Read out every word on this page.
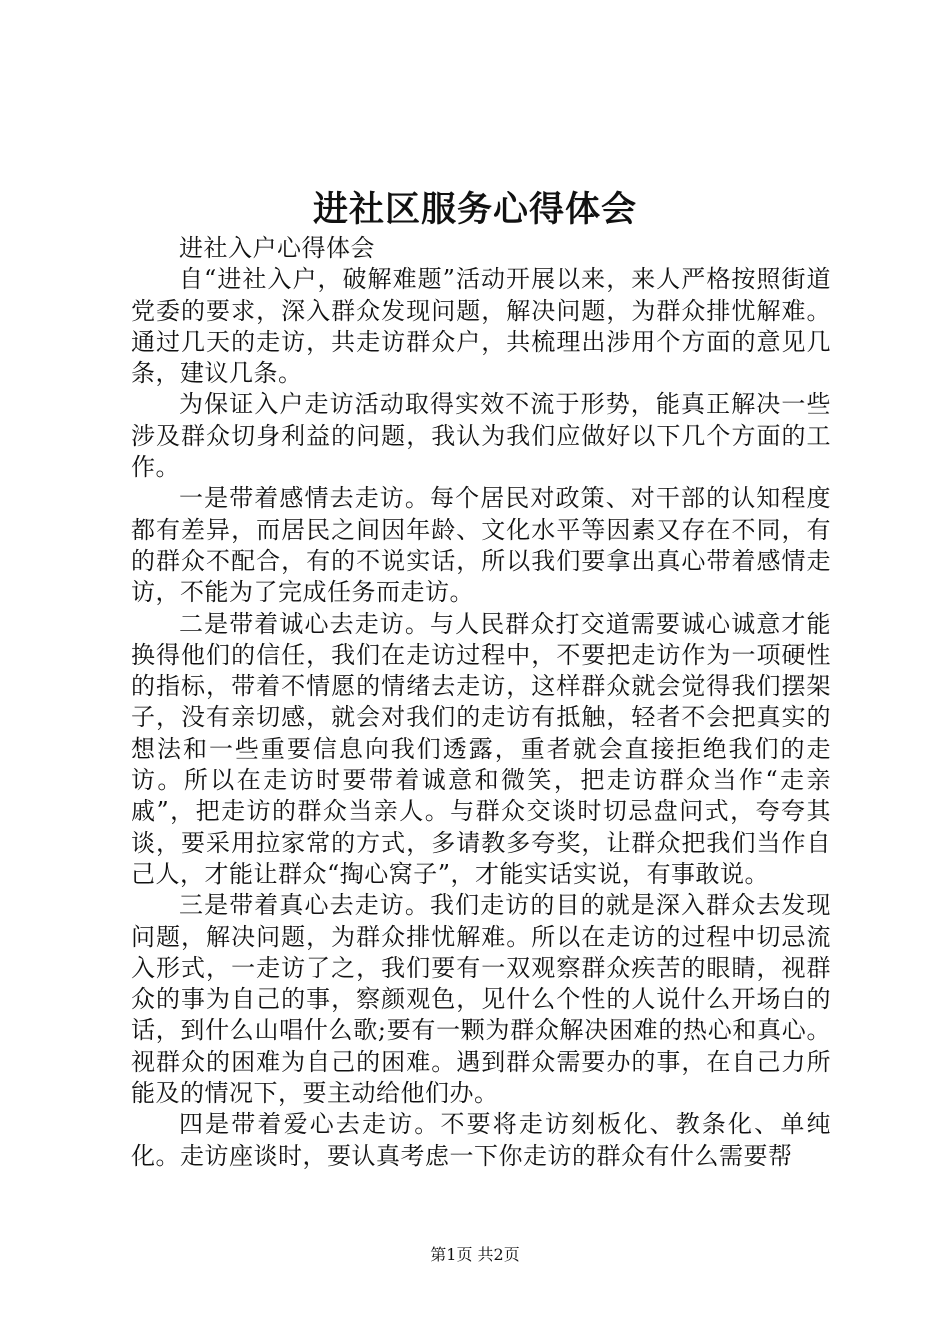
进社区服务心得体会

进社入户心得体会

自“进社入户，破解难题”活动开展以来，来人严格按照街道党委的要求，深入群众发现问题，解决问题，为群众排忧解难。通过几天的走访，共走访群众户，共梳理出涉用个方面的意见几条，建议几条。

为保证入户走访活动取得实效不流于形势，能真正解决一些涉及群众切身利益的问题，我认为我们应做好以下几个方面的工作。

一是带着感情去走访。每个居民对政策、对干部的认知程度都有差异，而居民之间因年龄、文化水平等因素又存在不同，有的群众不配合，有的不说实话，所以我们要拿出真心带着感情走访，不能为了完成任务而走访。

二是带着诚心去走访。与人民群众打交道需要诚心诚意才能换得他们的信任，我们在走访过程中，不要把走访作为一项硬性的指标，带着不情愿的情绪去走访，这样群众就会觉得我们摆架子，没有亲切感，就会对我们的走访有抵触，轻者不会把真实的想法和一些重要信息向我们透露，重者就会直接拒绝我们的走访。所以在走访时要带着诚意和微笑，把走访群众当作“走亲戚”，把走访的群众当亲人。与群众交谈时切忌盘问式，夸夸其谈，要采用拉家常的方式，多请教多夸奖，让群众把我们当作自己人，才能让群众“掏心窝子”，才能实话实说，有事敢说。

三是带着真心去走访。我们走访的目的就是深入群众去发现问题，解决问题，为群众排忧解难。所以在走访的过程中切忌流入形式，一走访了之，我们要有一双观察群众疾苦的眼睛，视群众的事为自己的事，察颜观色，见什么个性的人说什么开场白的话，到什么山唱什么歌;要有一颗为群众解决困难的热心和真心。视群众的困难为自己的困难。遇到群众需要办的事，在自己力所能及的情况下，要主动给他们办。

四是带着爱心去走访。不要将走访刻板化、教条化、单纯化。走访座谈时，要认真考虑一下你走访的群众有什么需要帮

第1页 共2页
